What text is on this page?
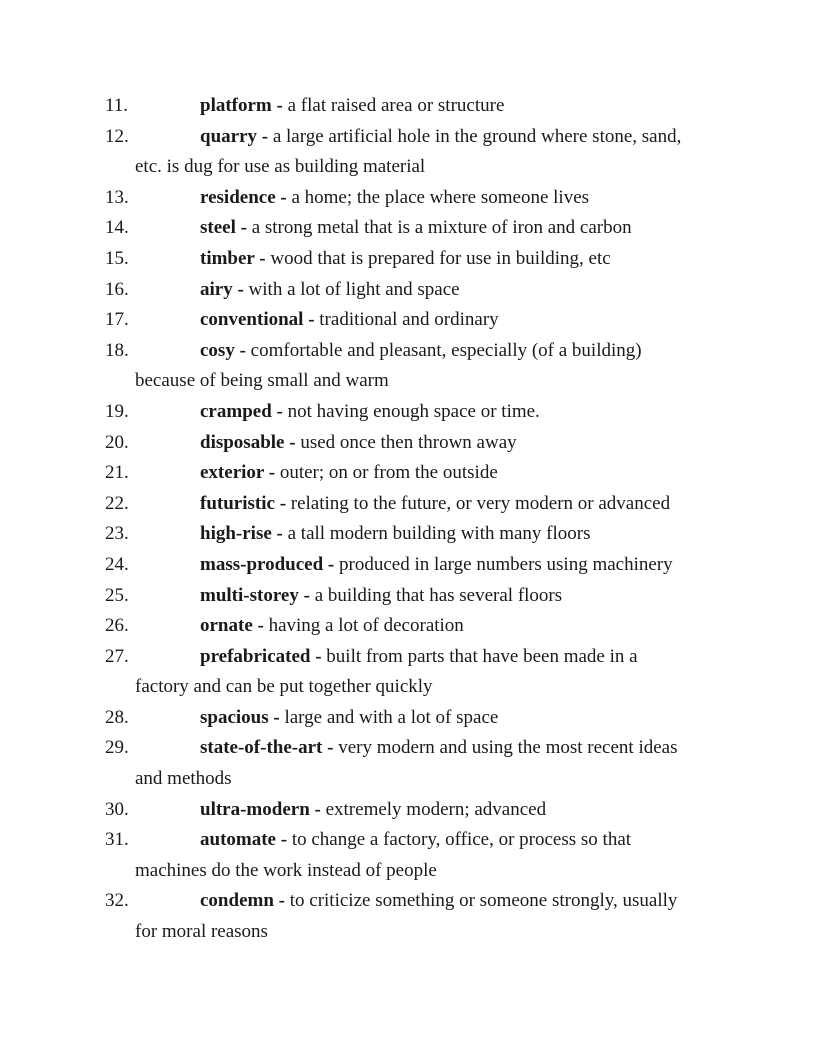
11.	platform - a flat raised area or structure
12.	quarry - a large artificial hole in the ground where stone, sand,
etc. is dug for use as building material
13.	residence - a home; the place where someone lives
14.	steel - a strong metal that is a mixture of iron and carbon
15.	timber - wood that is prepared for use in building, etc
16.	airy - with a lot of light and space
17.	conventional - traditional and ordinary
18.	cosy - comfortable and pleasant, especially (of a building)
because of being small and warm
19.	cramped - not having enough space or time.
20.	disposable - used once then thrown away
21.	exterior - outer; on or from the outside
22.	futuristic - relating to the future, or very modern or advanced
23.	high-rise - a tall modern building with many floors
24.	mass-produced - produced in large numbers using machinery
25.	multi-storey - a building that has several floors
26.	ornate - having a lot of decoration
27.	prefabricated - built from parts that have been made in a
factory and can be put together quickly
28.	spacious - large and with a lot of space
29.	state-of-the-art - very modern and using the most recent ideas
and methods
30.	ultra-modern - extremely modern; advanced
31.	automate - to change a factory, office, or process so that
machines do the work instead of people
32.	condemn - to criticize something or someone strongly, usually
for moral reasons
